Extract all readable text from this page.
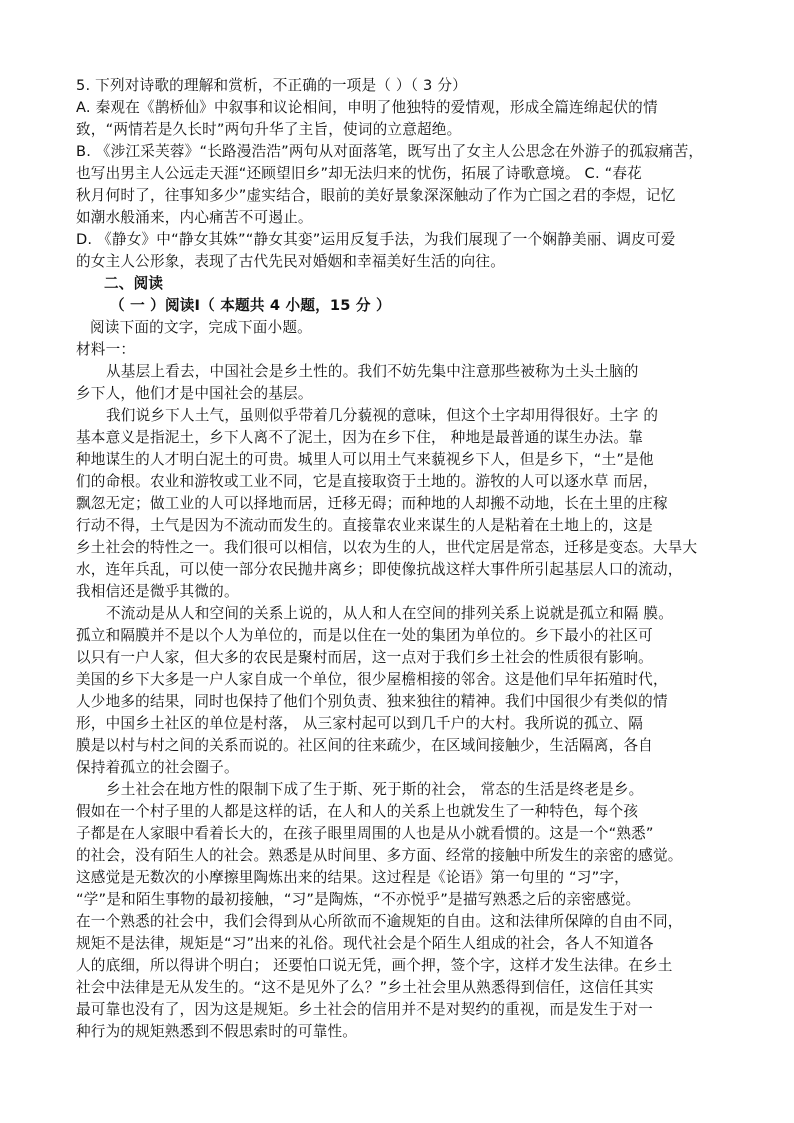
5. 下列对诗歌的理解和赏析，不正确的一项是（ ）（ 3 分）
A. 秦观在《鹊桥仙》中叙事和议论相间，申明了他独特的爱情观，形成全篇连绵起伏的情
致，“两情若是久长时”两句升华了主旨，使词的立意超绝。
B. 《涉江采芙蓉》“长路漫浩浩”两句从对面落笔，既写出了女主人公思念在外游子的孤寂痛苦，
也写出男主人公远走天涯“还顾望旧乡”却无法归来的忧伤，拓展了诗歌意境。 C. “春花
秋月何时了，往事知多少”虚实结合，眼前的美好景象深深触动了作为亡国之君的李煜，记忆
如潮水般涌来，内心痛苦不可遏止。
D. 《静女》中“静女其姝”“静女其娈”运用反复手法，为我们展现了一个娴静美丽、调皮可爱
的女主人公形象，表现了古代先民对婚姻和幸福美好生活的向往。
二、阅读
（ 一 ）阅读Ⅰ（ 本题共 4 小题，15 分 ）
阅读下面的文字，完成下面小题。
材料一：
从基层上看去，中国社会是乡土性的。我们不妨先集中注意那些被称为土头土脑的
乡下人，他们才是中国社会的基层。
我们说乡下人土气，虽则似乎带着几分藐视的意味，但这个土字却用得很好。土字 的
基本意义是指泥土，乡下人离不了泥土，因为在乡下住， 种地是最普通的谋生办法。靠
种地谋生的人才明白泥土的可贵。城里人可以用土气来藐视乡下人，但是乡下，“土”是他
们的命根。农业和游牧或工业不同，它是直接取资于土地的。游牧的人可以逐水草 而居，
飘忽无定；做工业的人可以择地而居，迁移无碍；而种地的人却搬不动地，长在土里的庄稼
行动不得，土气是因为不流动而发生的。直接靠农业来谋生的人是粘着在土地上的，这是
乡土社会的特性之一。我们很可以相信，以农为生的人，世代定居是常态，迁移是变态。大旱大
水，连年兵乱，可以使一部分农民抛井离乡；即使像抗战这样大事件所引起基层人口的流动，
我相信还是微乎其微的。
不流动是从人和空间的关系上说的，从人和人在空间的排列关系上说就是孤立和隔 膜。
孤立和隔膜并不是以个人为单位的，而是以住在一处的集团为单位的。乡下最小的社区可
以只有一户人家，但大多的农民是聚村而居，这一点对于我们乡土社会的性质很有影响。
美国的乡下大多是一户人家自成一个单位，很少屋檐相接的邻舍。这是他们早年拓殖时代，
人少地多的结果，同时也保持了他们个别负责、独来独往的精神。我们中国很少有类似的情
形，中国乡土社区的单位是村落， 从三家村起可以到几千户的大村。我所说的孤立、隔
膜是以村与村之间的关系而说的。社区间的往来疏少，在区域间接触少，生活隔离，各自
保持着孤立的社会圈子。
乡土社会在地方性的限制下成了生于斯、死于斯的社会， 常态的生活是终老是乡。
假如在一个村子里的人都是这样的话，在人和人的关系上也就发生了一种特色，每个孩
子都是在人家眼中看着长大的，在孩子眼里周围的人也是从小就看惯的。这是一个“熟悉”
的社会，没有陌生人的社会。熟悉是从时间里、多方面、经常的接触中所发生的亲密的感觉。
这感觉是无数次的小摩擦里陶炼出来的结果。这过程是《论语》第一句里的 “习”字，
“学”是和陌生事物的最初接触，“习”是陶炼，“不亦悦乎”是描写熟悉之后的亲密感觉。
在一个熟悉的社会中，我们会得到从心所欲而不逾规矩的自由。这和法律所保障的自由不同，
规矩不是法律，规矩是“习”出来的礼俗。现代社会是个陌生人组成的社会，各人不知道各
人的底细，所以得讲个明白； 还要怕口说无凭，画个押，签个字，这样才发生法律。在乡土
社会中法律是无从发生的。“这不是见外了么？”乡土社会里从熟悉得到信任，这信任其实
最可靠也没有了，因为这是规矩。乡土社会的信用并不是对契约的重视，而是发生于对一
种行为的规矩熟悉到不假思索时的可靠性。
